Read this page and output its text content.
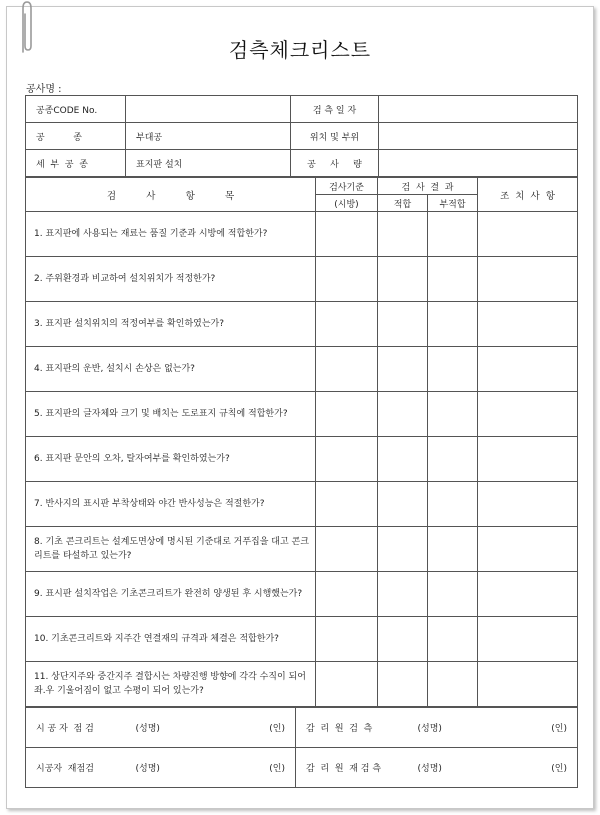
검측체크리스트
공사명 :
공종CODE No.		검 측 일 자	
공          종	부대공	위치 및 부위	
세  부  공  종	표지판 설치	공     사     량	
검          사          항          목	검사기준	검  사  결  과		조  치  사  항
	(시방)	적합	부적합	
1. 표지판에 사용되는 재료는 품질 기준과 시방에 적합한가?				
2. 주위환경과 비교하여 설치위치가 적정한가?				
3. 표지판 설치위치의 적정여부를 확인하였는가?				
4. 표지판의 운반, 설치시 손상은 없는가?				
5. 표지판의 글자체와 크기 및 배치는 도로표지 규칙에 적합한가?				
6. 표지판 문안의 오차, 탈자여부를 확인하였는가?				
7. 반사지의 표시판 부착상태와 야간 반사성능은 적절한가?				
8. 기초 콘크리트는 설계도면상에 명시된 기준대로 거푸집을 대고 콘크리트를 타설하고 있는가?				
9. 표시판 설치작업은 기초콘크리트가 완전히 양생된 후 시행했는가?				
10. 기초콘크리트와 지주간 연결재의 규격과 체결은 적합한가?				
11. 상단지주와 중간지주 결합시는 차량진행 방향에 각각 수직이 되어 좌.우 기울어짐이 없고 수평이 되어 있는가?				
시 공 자  점 검	(성명)	(인)	감  리  원  검  측	(성명)	(인)
시공자  재점검	(성명)	(인)	감  리  원  재 검 측	(성명)	(인)
